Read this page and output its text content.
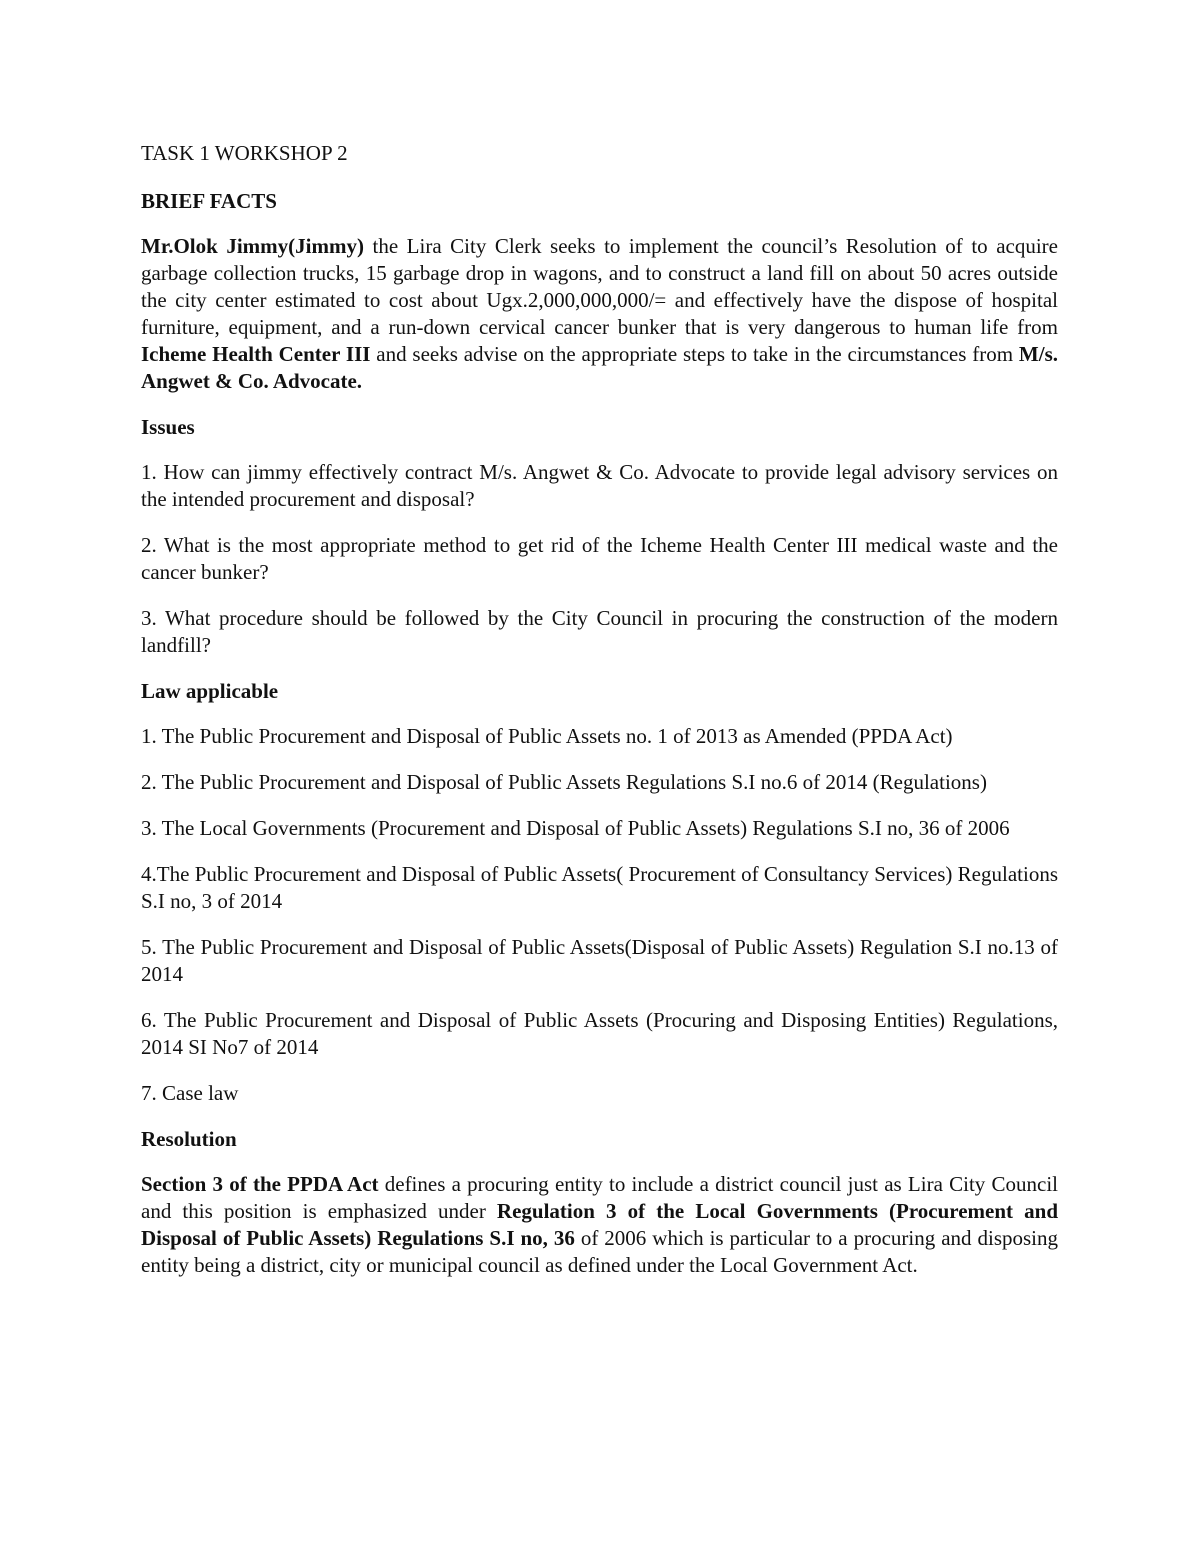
TASK 1 WORKSHOP 2

BRIEF FACTS

Mr.Olok Jimmy(Jimmy) the Lira City Clerk seeks to implement the council’s Resolution of to acquire garbage collection trucks, 15 garbage drop in wagons, and to construct a land fill on about 50 acres outside the city center estimated to cost about Ugx.2,000,000,000/= and effectively have the dispose of hospital furniture, equipment, and a run-down cervical cancer bunker that is very dangerous to human life from Icheme Health Center III and seeks advise on the appropriate steps to take in the circumstances from M/s. Angwet & Co. Advocate.

Issues

1. How can jimmy effectively contract M/s. Angwet & Co. Advocate to provide legal advisory services on the intended procurement and disposal?

2. What is the most appropriate method to get rid of the Icheme Health Center III medical waste and the cancer bunker?

3. What procedure should be followed by the City Council in procuring the construction of the modern landfill?

Law applicable

1. The Public Procurement and Disposal of Public Assets no. 1 of 2013 as Amended (PPDA Act)

2. The Public Procurement and Disposal of Public Assets Regulations S.I no.6 of 2014 (Regulations)

3. The Local Governments (Procurement and Disposal of Public Assets) Regulations S.I no, 36 of 2006

4.The Public Procurement and Disposal of Public Assets( Procurement of Consultancy Services) Regulations S.I no, 3 of 2014

5. The Public Procurement and Disposal of Public Assets(Disposal of Public Assets) Regulation S.I no.13 of 2014

6. The Public Procurement and Disposal of Public Assets (Procuring and Disposing Entities) Regulations, 2014 SI No7 of 2014

7. Case law

Resolution

Section 3 of the PPDA Act defines a procuring entity to include a district council just as Lira City Council and this position is emphasized under Regulation 3 of the Local Governments (Procurement and Disposal of Public Assets) Regulations S.I no, 36 of 2006 which is particular to a procuring and disposing entity being a district, city or municipal council as defined under the Local Government Act.
